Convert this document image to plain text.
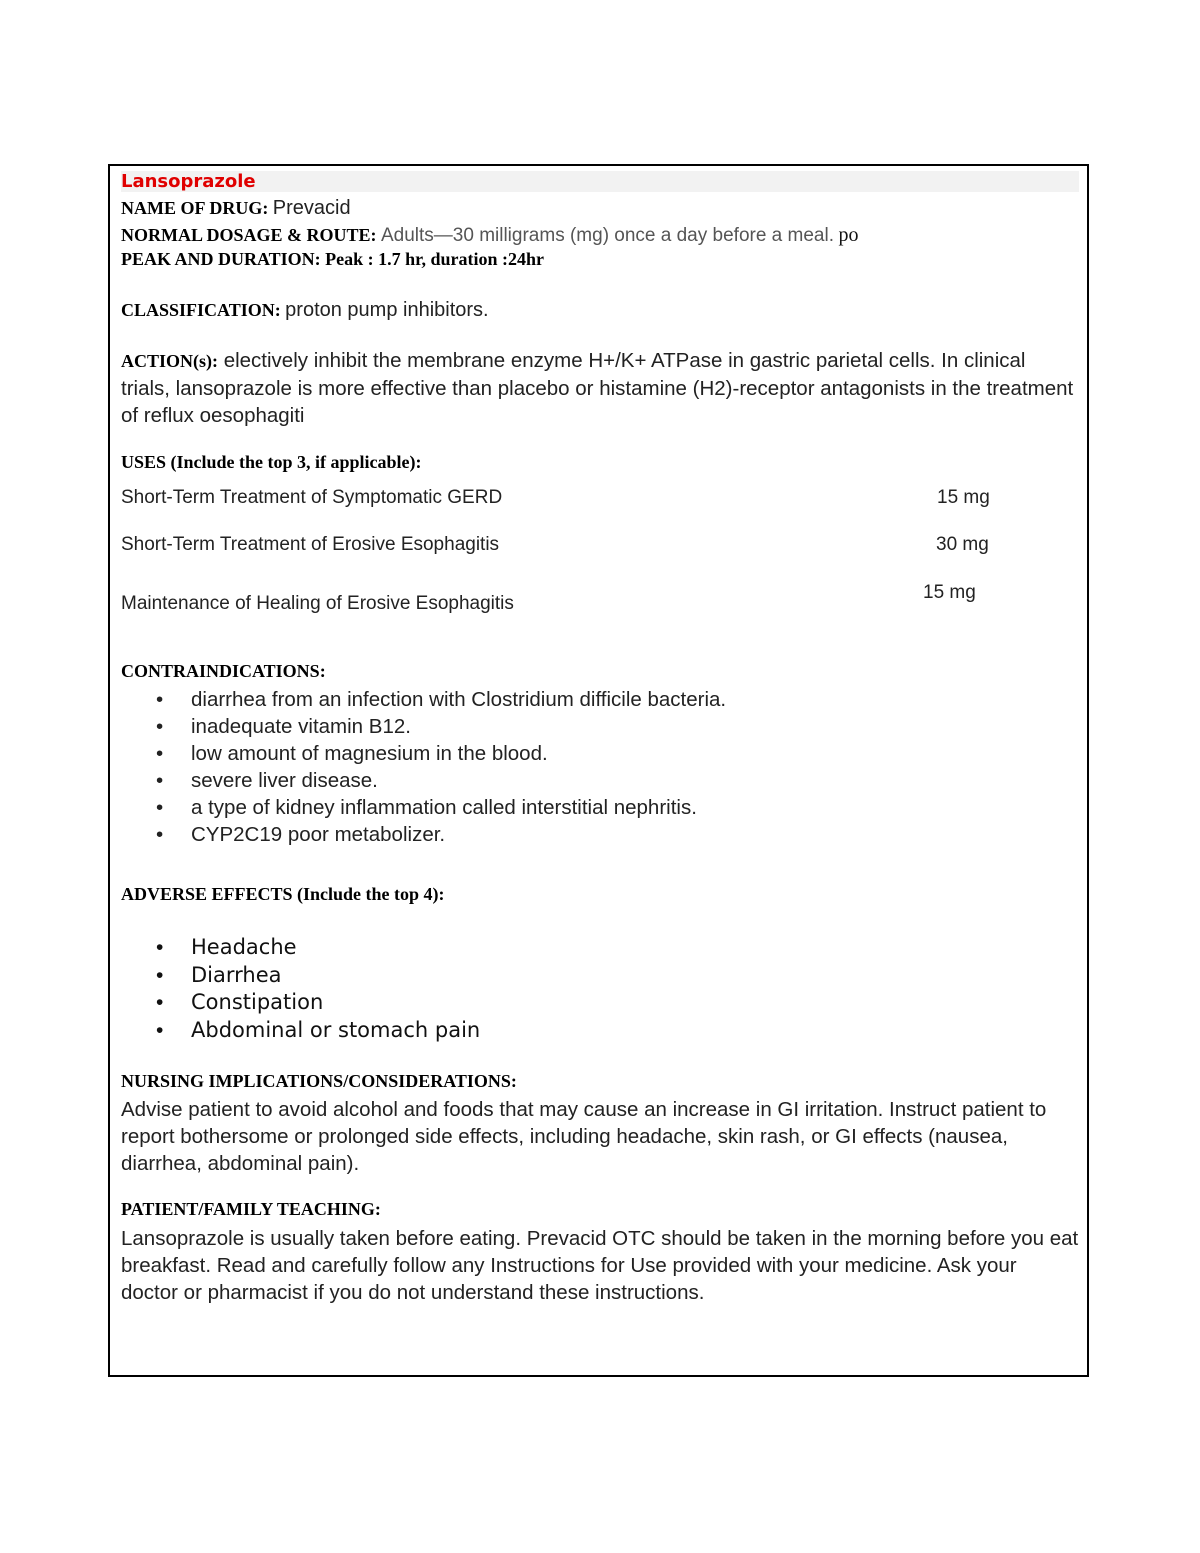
Lansoprazole
NAME OF DRUG: Prevacid
NORMAL DOSAGE & ROUTE: Adults—30 milligrams (mg) once a day before a meal. po
PEAK AND DURATION: Peak : 1.7 hr, duration :24hr
CLASSIFICATION: proton pump inhibitors.
ACTION(s): electively inhibit the membrane enzyme H+/K+ ATPase in gastric parietal cells. In clinical trials, lansoprazole is more effective than placebo or histamine (H2)-receptor antagonists in the treatment of reflux oesophagiti
USES (Include the top 3, if applicable):
Short-Term Treatment of Symptomatic GERD	15 mg
Short-Term Treatment of Erosive Esophagitis	30 mg
Maintenance of Healing of Erosive Esophagitis
15 mg
CONTRAINDICATIONS:
• diarrhea from an infection with Clostridium difficile bacteria.
• inadequate vitamin B12.
• low amount of magnesium in the blood.
• severe liver disease.
• a type of kidney inflammation called interstitial nephritis.
• CYP2C19 poor metabolizer.
ADVERSE EFFECTS (Include the top 4):
• Headache
• Diarrhea
• Constipation
• Abdominal or stomach pain
NURSING IMPLICATIONS/CONSIDERATIONS:
Advise patient to avoid alcohol and foods that may cause an increase in GI irritation. Instruct patient to report bothersome or prolonged side effects, including headache, skin rash, or GI effects (nausea, diarrhea, abdominal pain).
PATIENT/FAMILY TEACHING:
Lansoprazole is usually taken before eating. Prevacid OTC should be taken in the morning before you eat breakfast. Read and carefully follow any Instructions for Use provided with your medicine. Ask your doctor or pharmacist if you do not understand these instructions.
